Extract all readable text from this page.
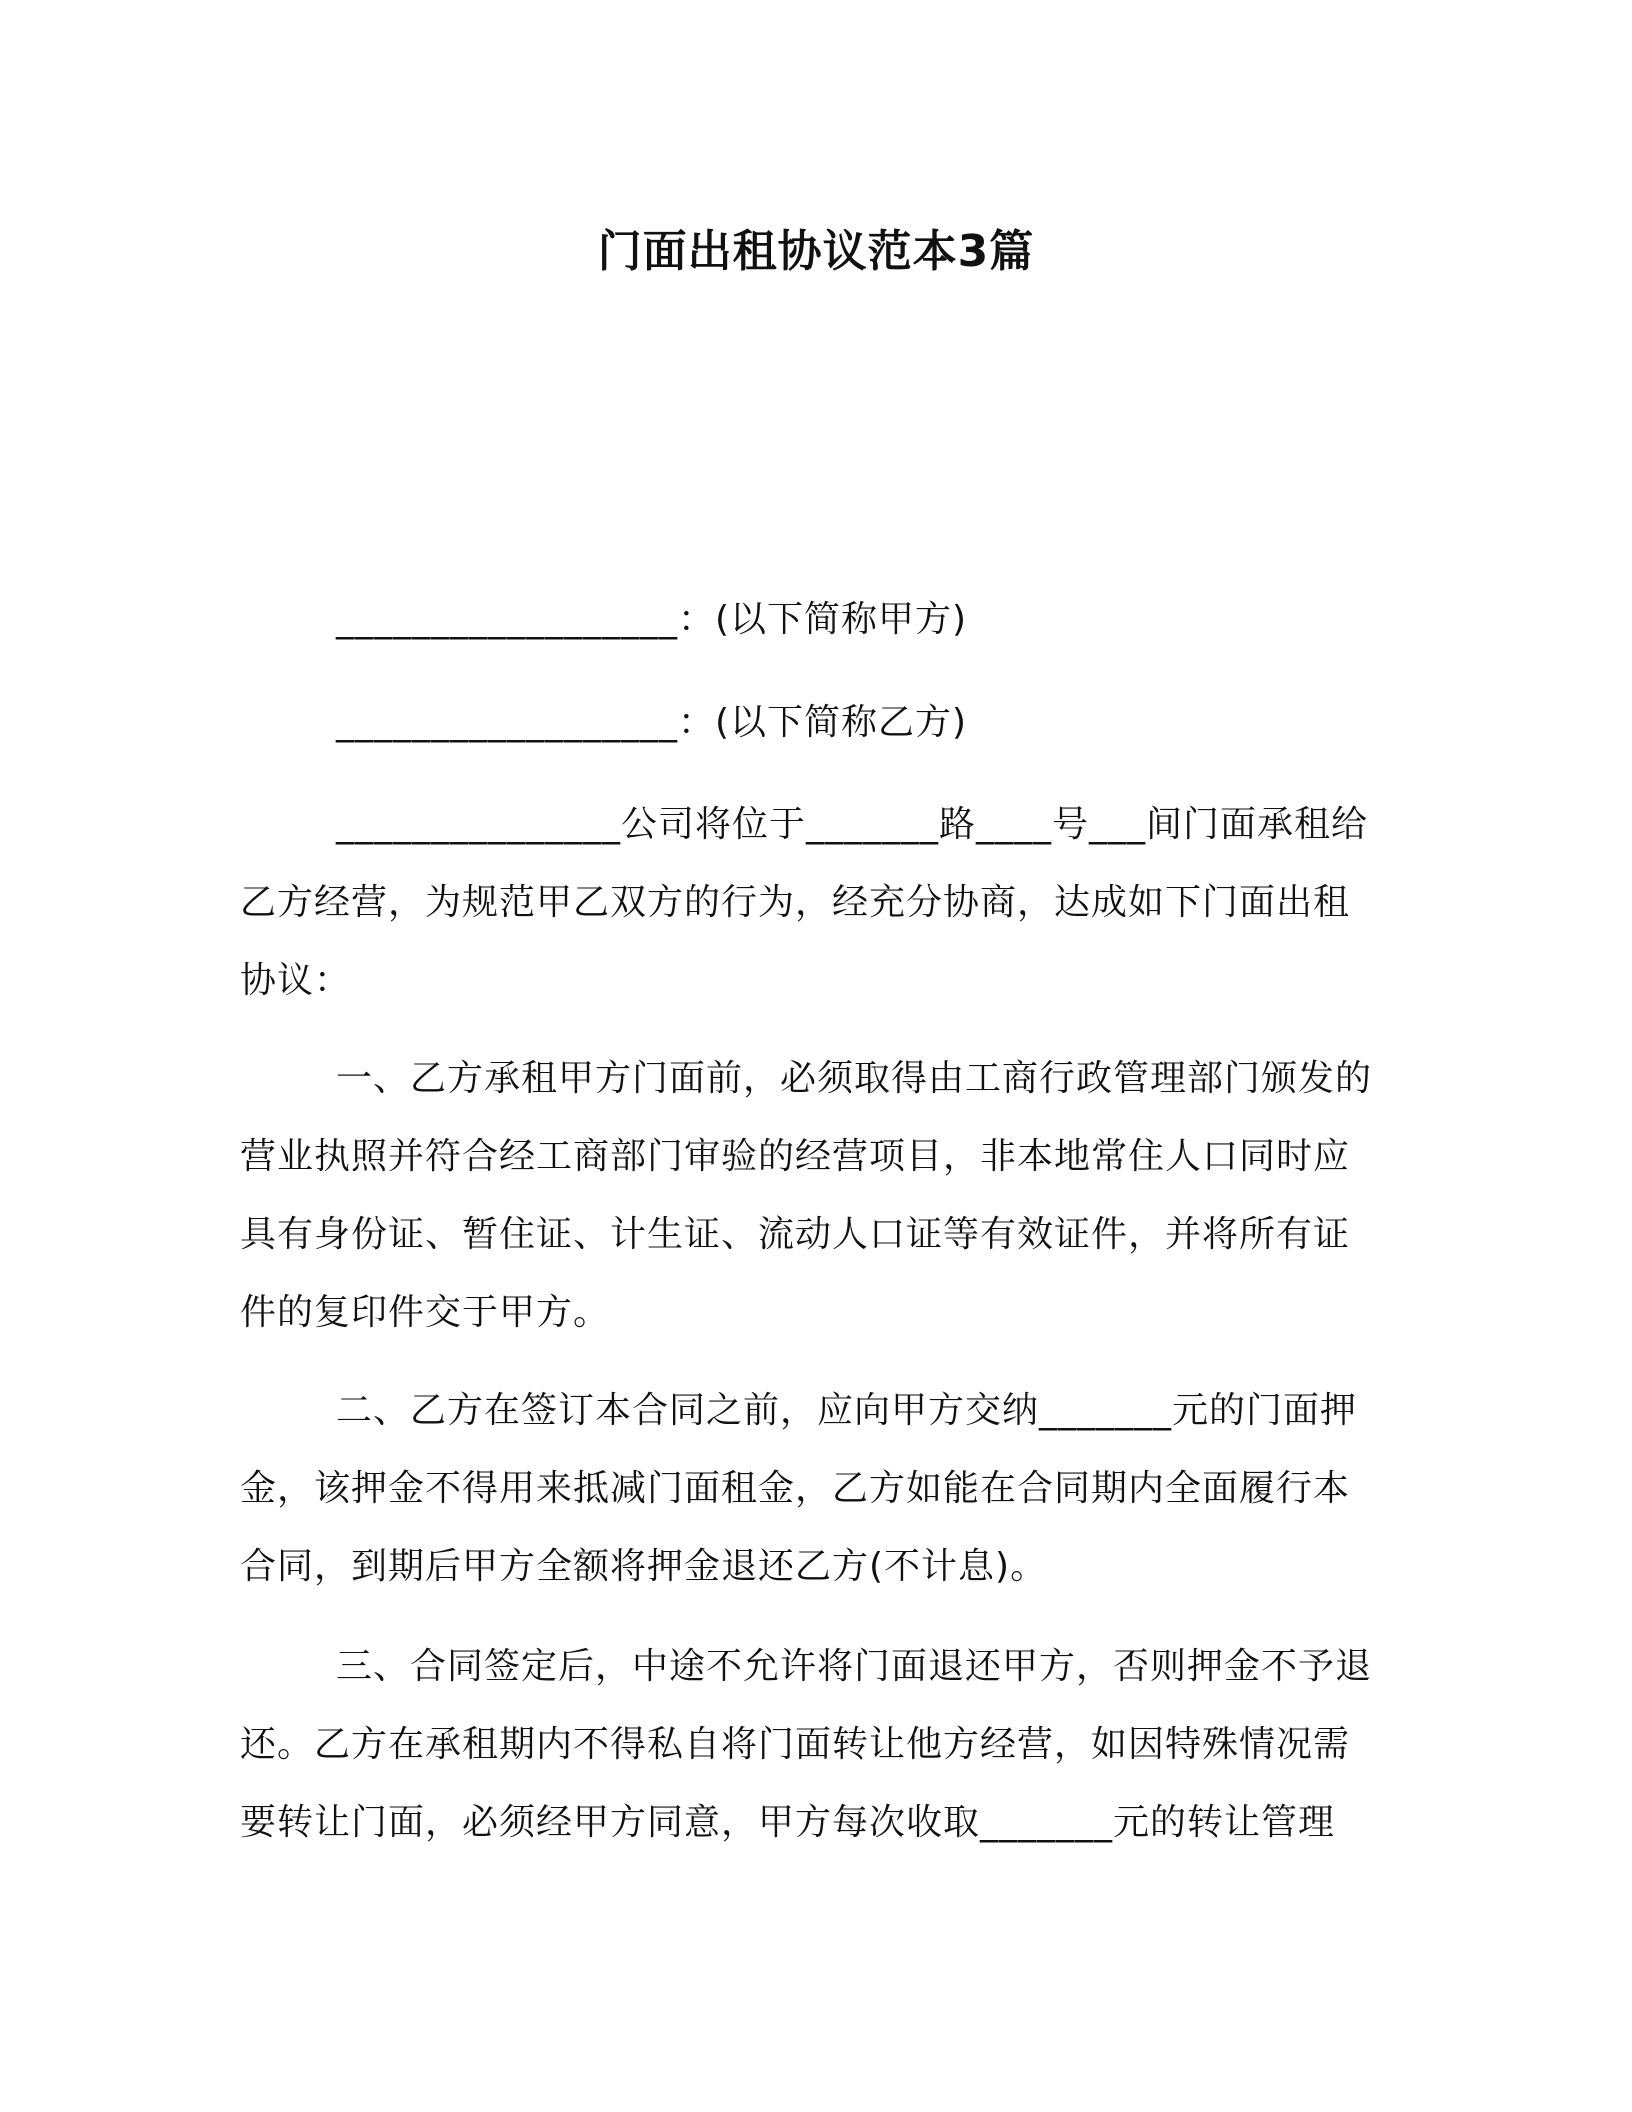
门面出租协议范本3篇
__________________：(以下简称甲方)
__________________：(以下简称乙方)
_______________公司将位于_______路____号___间门面承租给乙方经营，为规范甲乙双方的行为，经充分协商，达成如下门面出租协议：
一、乙方承租甲方门面前，必须取得由工商行政管理部门颁发的营业执照并符合经工商部门审验的经营项目，非本地常住人口同时应具有身份证、暂住证、计生证、流动人口证等有效证件，并将所有证件的复印件交于甲方。
二、乙方在签订本合同之前，应向甲方交纳_______元的门面押金，该押金不得用来抵减门面租金，乙方如能在合同期内全面履行本合同，到期后甲方全额将押金退还乙方(不计息)。
三、合同签定后，中途不允许将门面退还甲方，否则押金不予退还。乙方在承租期内不得私自将门面转让他方经营，如因特殊情况需要转让门面，必须经甲方同意，甲方每次收取_______元的转让管理
